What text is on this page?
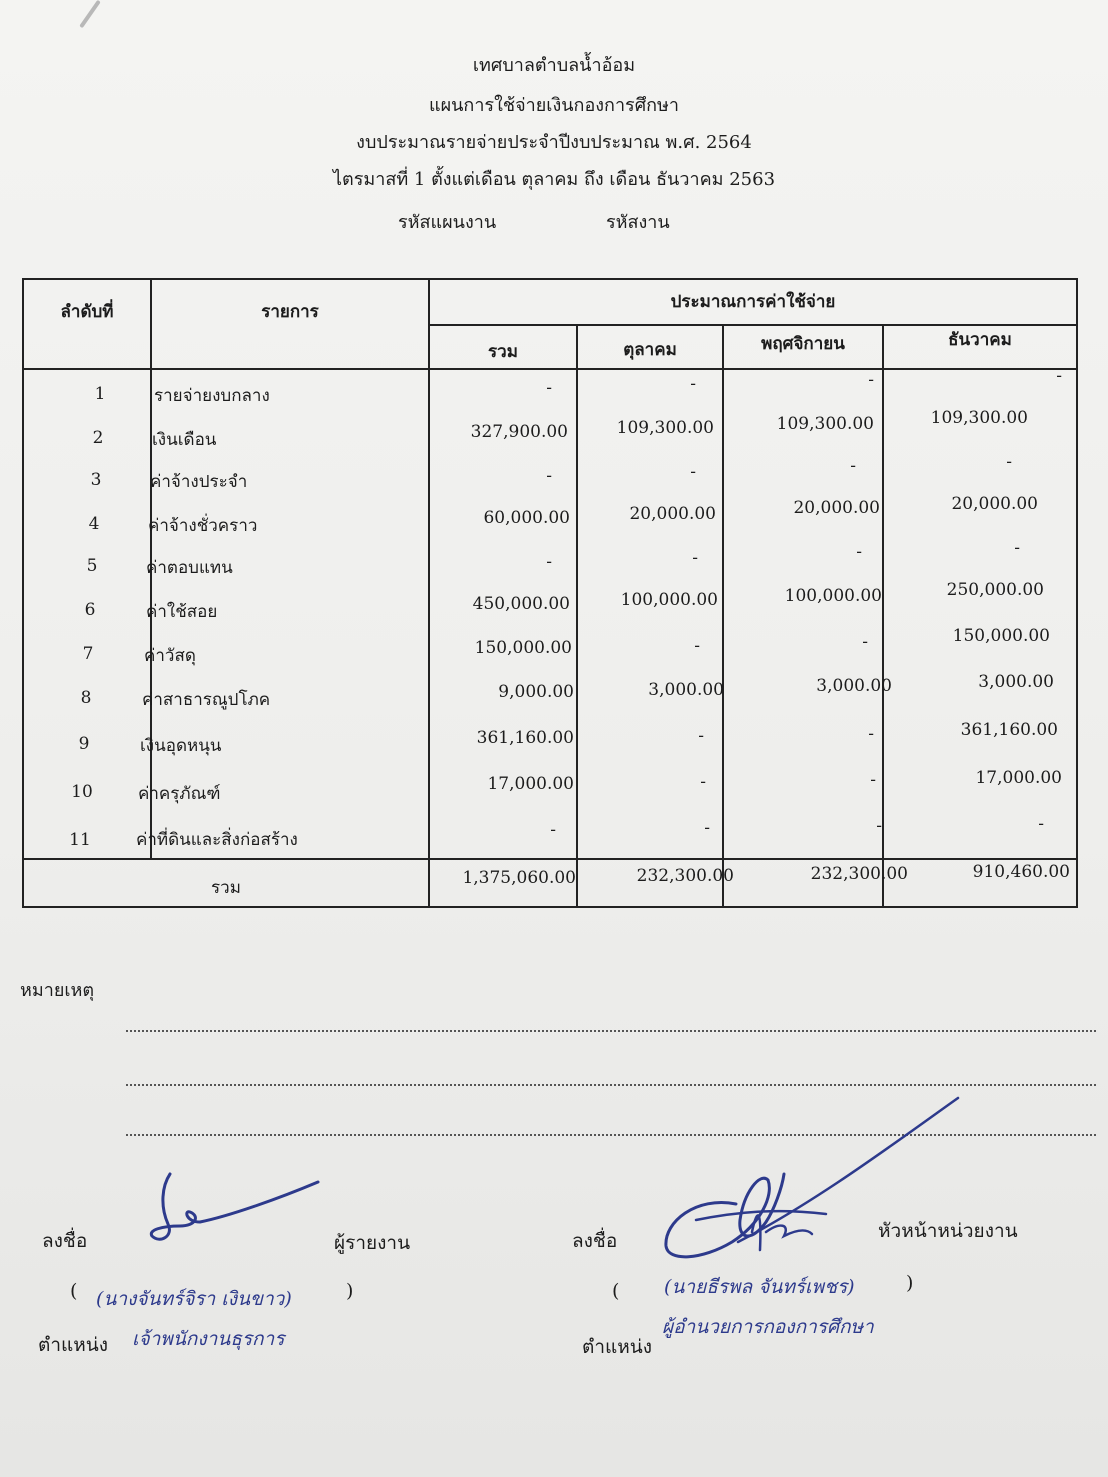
เทศบาลตำบลน้ำอ้อม
แผนการใช้จ่ายเงินกองการศึกษา
งบประมาณรายจ่ายประจำปีงบประมาณ พ.ศ. 2564
ไตรมาสที่ 1 ตั้งแต่เดือน ตุลาคม ถึง เดือน ธันวาคม 2563
รหัสแผนงาน	รหัสงาน
ลำดับที่	รายการ	ประมาณการค่าใช้จ่าย
รวม	ตุลาคม	พฤศจิกายน	ธันวาคม
1	รายจ่ายงบกลาง	-	-	-	-
2	เงินเดือน	327,900.00	109,300.00	109,300.00	109,300.00
3	ค่าจ้างประจำ	-	-	-	-
4	ค่าจ้างชั่วคราว	60,000.00	20,000.00	20,000.00	20,000.00
5	ค่าตอบแทน	-	-	-	-
6	ค่าใช้สอย	450,000.00	100,000.00	100,000.00	250,000.00
7	ค่าวัสดุ	150,000.00	-	-	150,000.00
8	ค่าสาธารณูปโภค	9,000.00	3,000.00	3,000.00	3,000.00
9	เงินอุดหนุน	361,160.00	-	-	361,160.00
10	ค่าครุภัณฑ์	17,000.00	-	-	17,000.00
11	ค่าที่ดินและสิ่งก่อสร้าง	-	-	-	-
รวม	1,375,060.00	232,300.00	232,300.00	910,460.00
หมายเหตุ
ลงชื่อ	ผู้รายงาน
( (นางจันทร์จิรา เงินขาว)	)
ตำแหน่ง เจ้าพนักงานธุรการ
ลงชื่อ	หัวหน้าหน่วยงาน
( (นายธีรพล จันทร์เพชร)	)
ตำแหน่ง
ผู้อำนวยการกองการศึกษา
